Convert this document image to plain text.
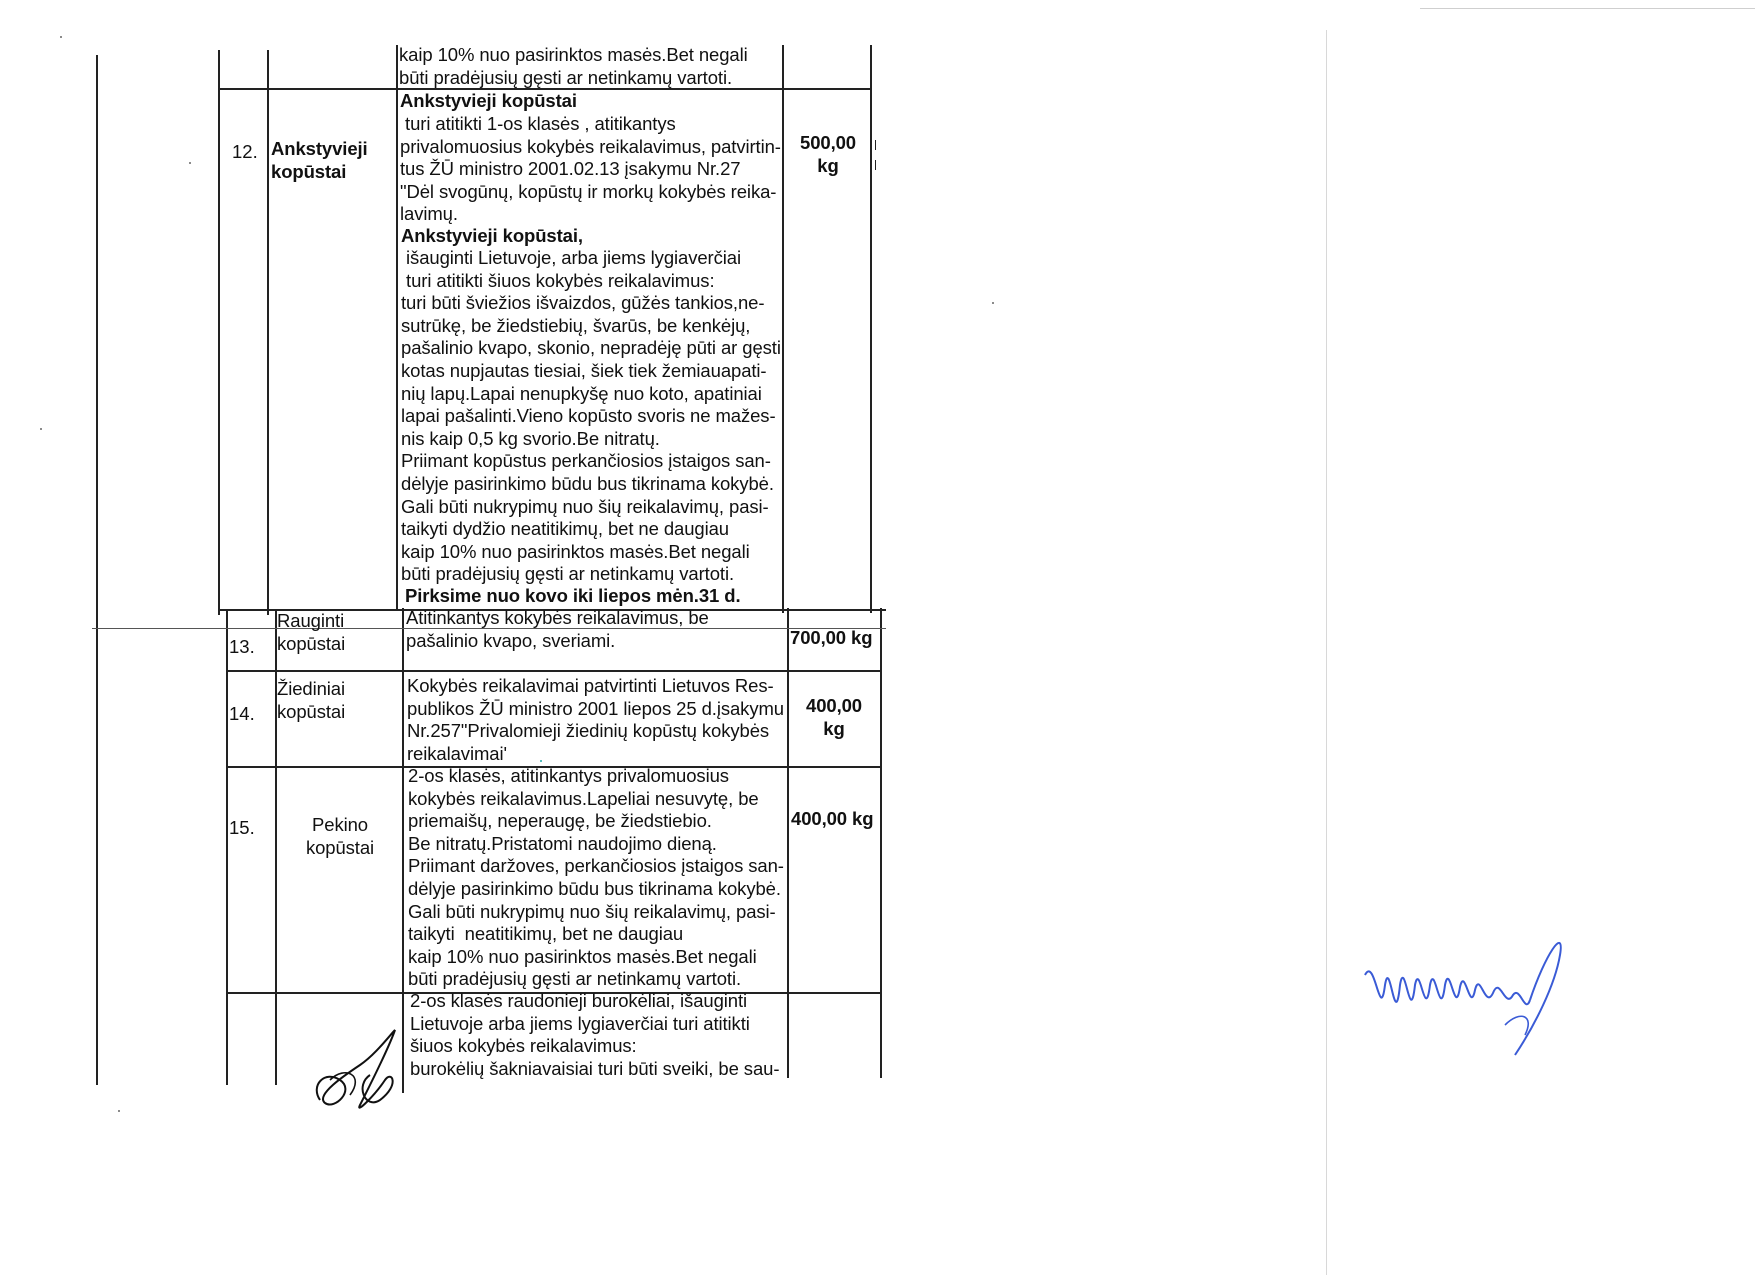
kaip 10% nuo pasirinktos masės.Bet negali
būti pradėjusių gęsti ar netinkamų vartoti.
12. Ankstyvieji
kopūstai
Ankstyvieji kopūstai
turi atitikti 1-os klasės , atitikantys
privalomuosius kokybės reikalavimus, patvirtin-
tus ŽŪ ministro 2001.02.13 įsakymu Nr.27
"Dėl svogūnų, kopūstų ir morkų kokybės reika-
lavimų.
Ankstyvieji kopūstai,
išauginti Lietuvoje, arba jiems lygiaverčiai
turi atitikti šiuos kokybės reikalavimus:
turi būti šviežios išvaizdos, gūžės tankios,ne-
sutrūkę, be žiedstiebių, švarūs, be kenkėjų,
pašalinio kvapo, skonio, nepradėję pūti ar gęsti
kotas nupjautas tiesiai, šiek tiek žemiauapati-
nių lapų.Lapai nenupkyšę nuo koto, apatiniai
lapai pašalinti.Vieno kopūsto svoris ne mažes-
nis kaip 0,5 kg svorio.Be nitratų.
Priimant kopūstus perkančiosios įstaigos san-
dėlyje pasirinkimo būdu bus tikrinama kokybė.
Gali būti nukrypimų nuo šių reikalavimų, pasi-
taikyti dydžio neatitikimų, bet ne daugiau
kaip 10% nuo pasirinktos masės.Bet negali
būti pradėjusių gęsti ar netinkamų vartoti.
Pirksime nuo kovo iki liepos mėn.31 d.
500,00
kg
13.
Rauginti
kopūstai
Atitinkantys kokybės reikalavimus, be
pašalinio kvapo, sveriami.	700,00 kg
14.
Žiediniai
kopūstai
Kokybės reikalavimai patvirtinti Lietuvos Res-
publikos ŽŪ ministro 2001 liepos 25 d.įsakymu
Nr.257"Privalomieji žiedinių kopūstų kokybės
reikalavimai'
400,00
kg
15.	Pekino
kopūstai
2-os klasės, atitinkantys privalomuosius
kokybės reikalavimus.Lapeliai nesuvytę, be
priemaišų, neperaugę, be žiedstiebio.
Be nitratų.Pristatomi naudojimo dieną.
Priimant daržoves, perkančiosios įstaigos san-
dėlyje pasirinkimo būdu bus tikrinama kokybė.
Gali būti nukrypimų nuo šių reikalavimų, pasi-
taikyti  neatitikimų, bet ne daugiau
kaip 10% nuo pasirinktos masės.Bet negali
būti pradėjusių gęsti ar netinkamų vartoti.
400,00 kg
2-os klasės raudonieji burokėliai, išauginti
Lietuvoje arba jiems lygiaverčiai turi atitikti
šiuos kokybės reikalavimus:
burokėlių šakniavaisiai turi būti sveiki, be sau-
